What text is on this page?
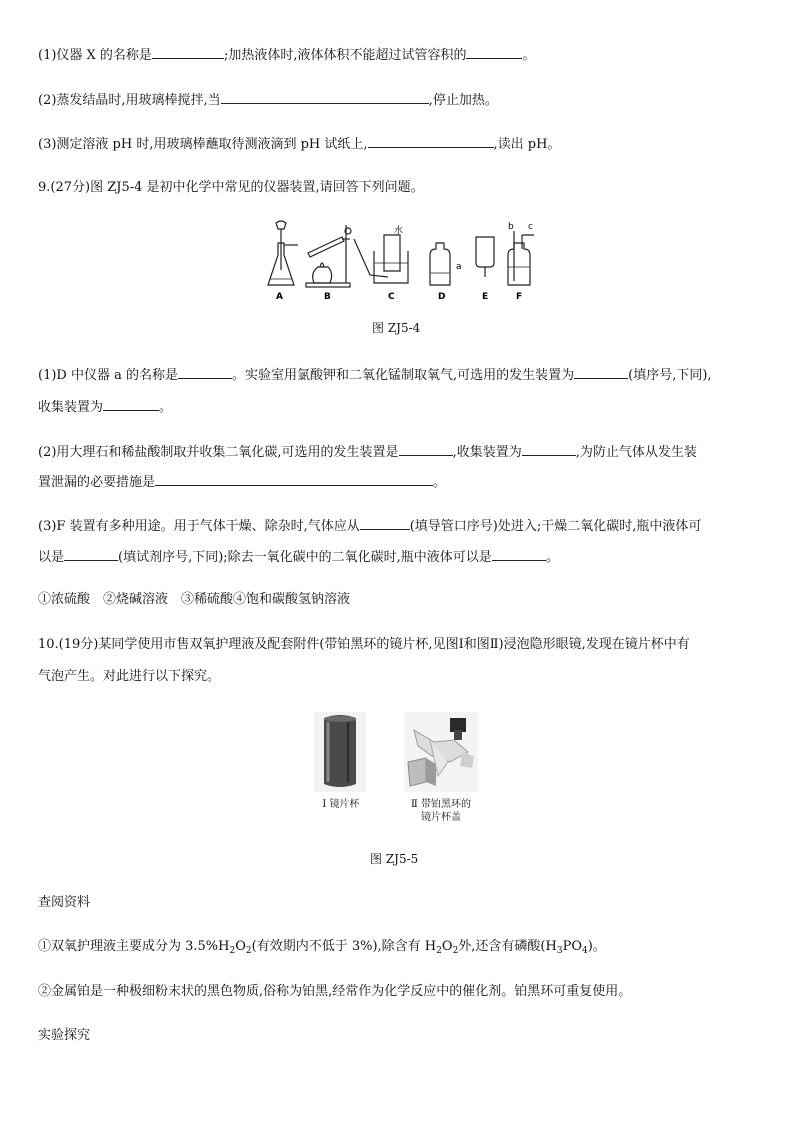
(1)仪器 X 的名称是	;加热液体时,液体体积不能超过试管容积的	。
(2)蒸发结晶时,用玻璃棒搅拌,当	,停止加热。
(3)测定溶液 pH 时,用玻璃棒蘸取待测液滴到 pH 试纸上,	,读出 pH。
9.(27分)图 ZJ5-4 是初中化学中常见的仪器装置,请回答下列问题。
A	B	C	D	E	F
水
a
b c
图 ZJ5-4
(1)D 中仪器 a 的名称是	。实验室用氯酸钾和二氧化锰制取氧气,可选用的发生装置为	(填序号,下同),
收集装置为	。
(2)用大理石和稀盐酸制取并收集二氧化碳,可选用的发生装置是	,收集装置为	,为防止气体从发生装
置泄漏的必要措施是	。
(3)F 装置有多种用途。用于气体干燥、除杂时,气体应从	(填导管口序号)处进入;干燥二氧化碳时,瓶中液体可
以是	(填试剂序号,下同);除去一氧化碳中的二氧化碳时,瓶中液体可以是	。
①浓硫酸　②烧碱溶液　③稀硫酸④饱和碳酸氢钠溶液
10.(19分)某同学使用市售双氧护理液及配套附件(带铂黑环的镜片杯,见图Ⅰ和图Ⅱ)浸泡隐形眼镜,发现在镜片杯中有
气泡产生。对此进行以下探究。
Ⅰ 镜片杯	Ⅱ 带铂黑环的
镜片杯盖
图 ZJ5-5
查阅资料
①双氧护理液主要成分为 $3.5\%H_2O_2$(有效期内不低于 3%),除含有 $H_2O_2$外,还含有磷酸$(H_3PO_4)$。
②金属铂是一种极细粉末状的黑色物质,俗称为铂黑,经常作为化学反应中的催化剂。铂黑环可重复使用。
实验探究
